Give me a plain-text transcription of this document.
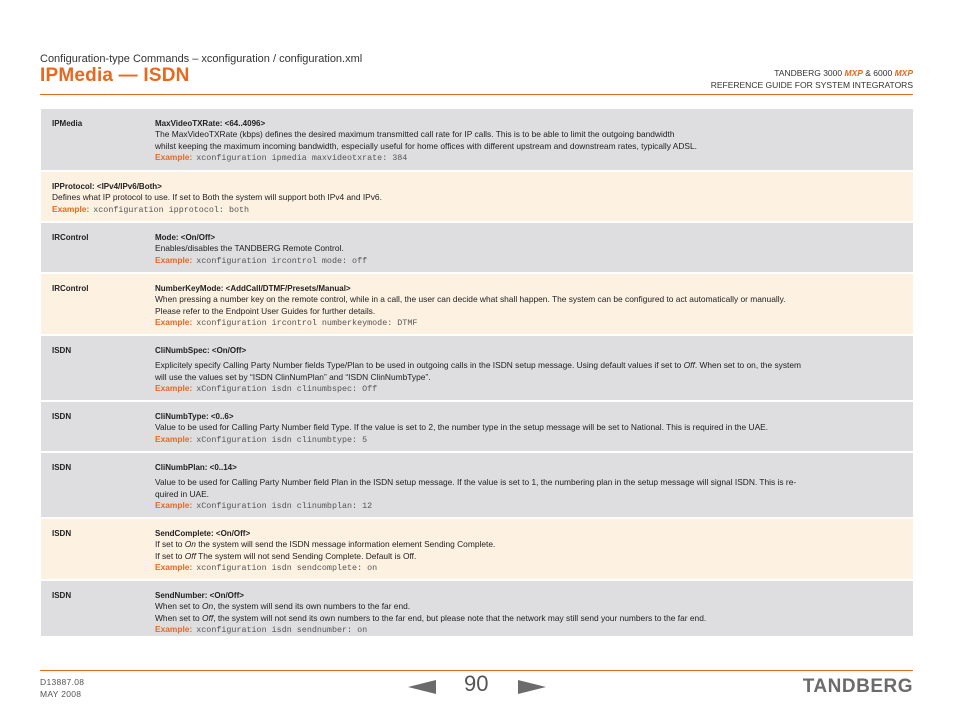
Configuration-type Commands – xconfiguration / configuration.xml
IPMedia — ISDN	TANDBERG 3000 MXP & 6000 MXP
REFERENCE GUIDE FOR SYSTEM INTEGRATORS
IPMedia	MaxVideoTXRate: <64..4096>
The MaxVideoTXRate (kbps) defines the desired maximum transmitted call rate for IP calls. This is to be able to limit the outgoing bandwidth
whilst keeping the maximum incoming bandwidth, especially useful for home offices with different upstream and downstream rates, typically ADSL.
Example: xconfiguration ipmedia maxvideotxrate: 384
IPProtocol: <IPv4/IPv6/Both>
Defines what IP protocol to use. If set to Both the system will support both IPv4 and IPv6.
Example: xconfiguration ipprotocol: both
IRControl	Mode: <On/Off>
Enables/disables the TANDBERG Remote Control.
Example: xconfiguration ircontrol mode: off
IRControl	NumberKeyMode: <AddCall/DTMF/Presets/Manual>
When pressing a number key on the remote control, while in a call, the user can decide what shall happen. The system can be configured to act automatically or manually.
Please refer to the Endpoint User Guides for further details.
Example: xconfiguration ircontrol numberkeymode: DTMF
ISDN	CliNumbSpec: <On/Off>
Explicitely specify Calling Party Number fields Type/Plan to be used in outgoing calls in the ISDN setup message. Using default values if set to Off. When set to on, the system
will use the values set by “ISDN ClinNumPlan” and “ISDN ClinNumbType”.
Example: xConfiguration isdn clinumbspec: Off
ISDN	CliNumbType: <0..6>
Value to be used for Calling Party Number field Type. If the value is set to 2, the number type in the setup message will be set to National. This is required in the UAE.
Example: xConfiguration isdn clinumbtype: 5
ISDN	CliNumbPlan: <0..14>
Value to be used for Calling Party Number field Plan in the ISDN setup message. If the value is set to 1, the numbering plan in the setup message will signal ISDN. This is re-
quired in UAE.
Example: xConfiguration isdn clinumbplan: 12
ISDN	SendComplete: <On/Off>
If set to On the system will send the ISDN message information element Sending Complete.
If set to Off The system will not send Sending Complete. Default is Off.
Example: xconfiguration isdn sendcomplete: on
ISDN	SendNumber: <On/Off>
When set to On, the system will send its own numbers to the far end.
When set to Off, the system will not send its own numbers to the far end, but please note that the network may still send your numbers to the far end.
Example: xconfiguration isdn sendnumber: on
D13887.08
MAY 2008	90	TANDBERG
